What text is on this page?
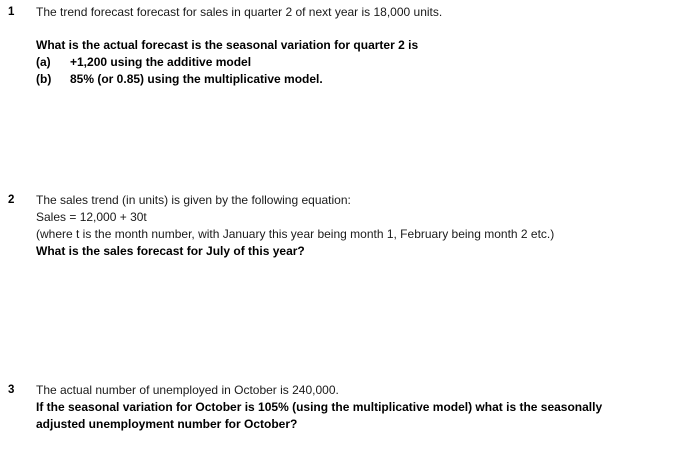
1	The trend forecast forecast for sales in quarter 2 of next year is 18,000 units.
What is the actual forecast is the seasonal variation for quarter 2 is
(a)	+1,200 using the additive model
(b)	85% (or 0.85) using the multiplicative model.
2	The sales trend (in units) is given by the following equation:
Sales = 12,000 + 30t
(where t is the month number, with January this year being month 1, February being month 2 etc.)
What is the sales forecast for July of this year?
3	The actual number of unemployed in October is 240,000.
If the seasonal variation for October is 105% (using the multiplicative model) what is the seasonally
adjusted unemployment number for October?
